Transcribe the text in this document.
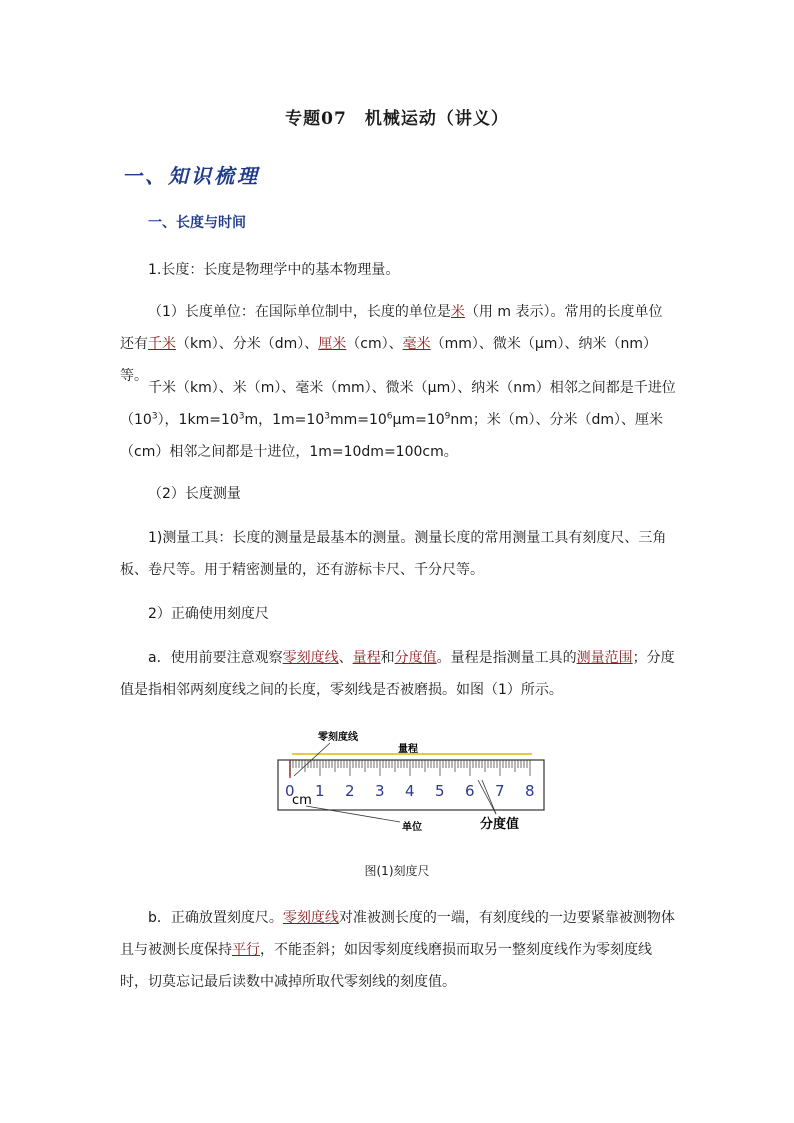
专题07　机械运动（讲义）
一、知识梳理
一、长度与时间
1.长度：长度是物理学中的基本物理量。
（1）长度单位：在国际单位制中，长度的单位是米（用 m 表示）。常用的长度单位还有千米（km）、分米（dm）、厘米（cm）、毫米（mm）、微米（μm）、纳米（nm）等。
千米（km）、米（m）、毫米（mm）、微米（μm）、纳米（nm）相邻之间都是千进位$(10^3)$，$1km=10^3m$，$1m=10^3mm=10^6\mu m=10^9nm$；米（m）、分米（dm）、厘米（cm）相邻之间都是十进位，1m=10dm=100cm。
（2）长度测量
1)测量工具：长度的测量是最基本的测量。测量长度的常用测量工具有刻度尺、三角板、卷尺等。用于精密测量的，还有游标卡尺、千分尺等。
2）正确使用刻度尺
a．使用前要注意观察零刻度线、量程和分度值。量程是指测量工具的测量范围；分度值是指相邻两刻度线之间的长度，零刻线是否被磨损。如图（1）所示。
0 1 2 3 4 5 6 7 8
零刻度线
量程
cm
单位	分度值
图(1)刻度尺
b．正确放置刻度尺。零刻度线对准被测长度的一端，有刻度线的一边要紧靠被测物体且与被测长度保持平行，不能歪斜；如因零刻度线磨损而取另一整刻度线作为零刻度线时，切莫忘记最后读数中减掉所取代零刻线的刻度值。
